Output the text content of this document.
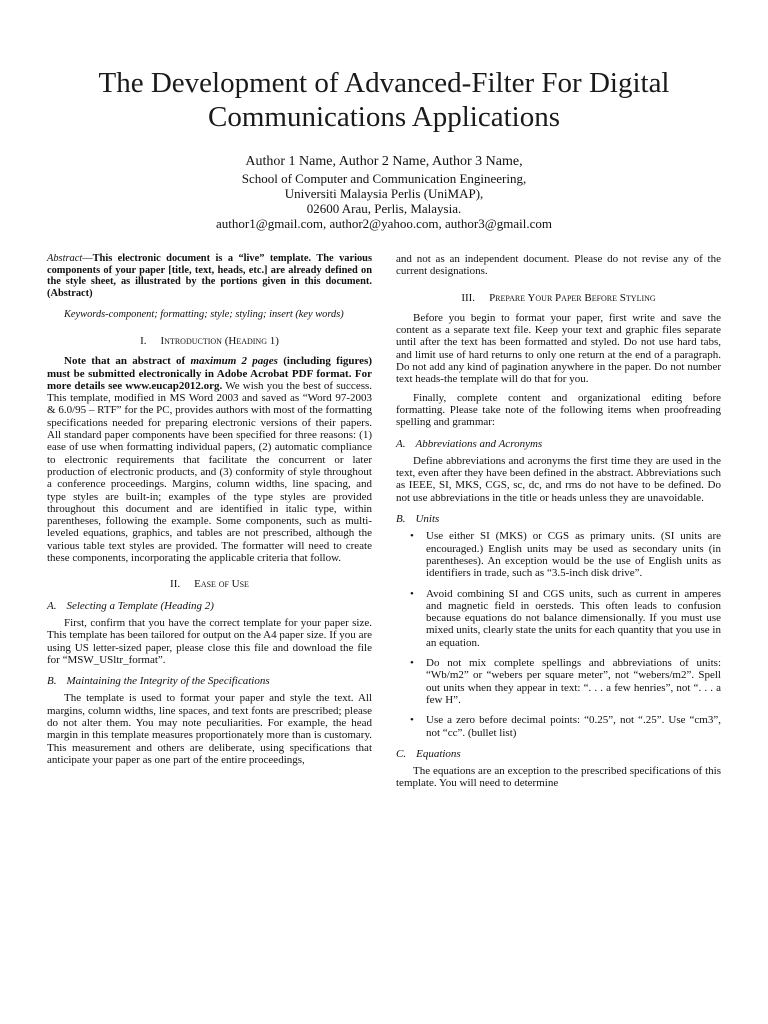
The Development of Advanced-Filter For Digital Communications Applications
Author 1 Name, Author 2 Name, Author 3 Name,
School of Computer and Communication Engineering,
Universiti Malaysia Perlis (UniMAP),
02600 Arau, Perlis, Malaysia.
author1@gmail.com, author2@yahoo.com, author3@gmail.com

Abstract—This electronic document is a “live” template. The various components of your paper [title, text, heads, etc.] are already defined on the style sheet, as illustrated by the portions given in this document. (Abstract)

Keywords-component; formatting; style; styling; insert (key words)

I. Introduction (Heading 1)

Note that an abstract of maximum 2 pages (including figures) must be submitted electronically in Adobe Acrobat PDF format. For more details see www.eucap2012.org. We wish you the best of success. This template, modified in MS Word 2003 and saved as “Word 97-2003 & 6.0/95 – RTF” for the PC, provides authors with most of the formatting specifications needed for preparing electronic versions of their papers. All standard paper components have been specified for three reasons: (1) ease of use when formatting individual papers, (2) automatic compliance to electronic requirements that facilitate the concurrent or later production of electronic products, and (3) conformity of style throughout a conference proceedings. Margins, column widths, line spacing, and type styles are built-in; examples of the type styles are provided throughout this document and are identified in italic type, within parentheses, following the example. Some components, such as multi-leveled equations, graphics, and tables are not prescribed, although the various table text styles are provided. The formatter will need to create these components, incorporating the applicable criteria that follow.

II. Ease of Use
A. Selecting a Template (Heading 2)

First, confirm that you have the correct template for your paper size. This template has been tailored for output on the A4 paper size. If you are using US letter-sized paper, please close this file and download the file for “MSW_USltr_format”.

B. Maintaining the Integrity of the Specifications

The template is used to format your paper and style the text. All margins, column widths, line spaces, and text fonts are prescribed; please do not alter them. You may note peculiarities. For example, the head margin in this template measures proportionately more than is customary. This measurement and others are deliberate, using specifications that anticipate your paper as one part of the entire proceedings,

and not as an independent document. Please do not revise any of the current designations.

III. Prepare Your Paper Before Styling

Before you begin to format your paper, first write and save the content as a separate text file. Keep your text and graphic files separate until after the text has been formatted and styled. Do not use hard tabs, and limit use of hard returns to only one return at the end of a paragraph. Do not add any kind of pagination anywhere in the paper. Do not number text heads-the template will do that for you.

Finally, complete content and organizational editing before formatting. Please take note of the following items when proofreading spelling and grammar:

A. Abbreviations and Acronyms

Define abbreviations and acronyms the first time they are used in the text, even after they have been defined in the abstract. Abbreviations such as IEEE, SI, MKS, CGS, sc, dc, and rms do not have to be defined. Do not use abbreviations in the title or heads unless they are unavoidable.

B. Units
• Use either SI (MKS) or CGS as primary units. (SI units are encouraged.) English units may be used as secondary units (in parentheses). An exception would be the use of English units as identifiers in trade, such as “3.5-inch disk drive”.
• Avoid combining SI and CGS units, such as current in amperes and magnetic field in oersteds. This often leads to confusion because equations do not balance dimensionally. If you must use mixed units, clearly state the units for each quantity that you use in an equation.
• Do not mix complete spellings and abbreviations of units: “Wb/m2” or “webers per square meter”, not “webers/m2”. Spell out units when they appear in text: “. . . a few henries”, not “. . . a few H”.
• Use a zero before decimal points: “0.25”, not “.25”. Use “cm3”, not “cc”. (bullet list)
C. Equations

The equations are an exception to the prescribed specifications of this template. You will need to determine
